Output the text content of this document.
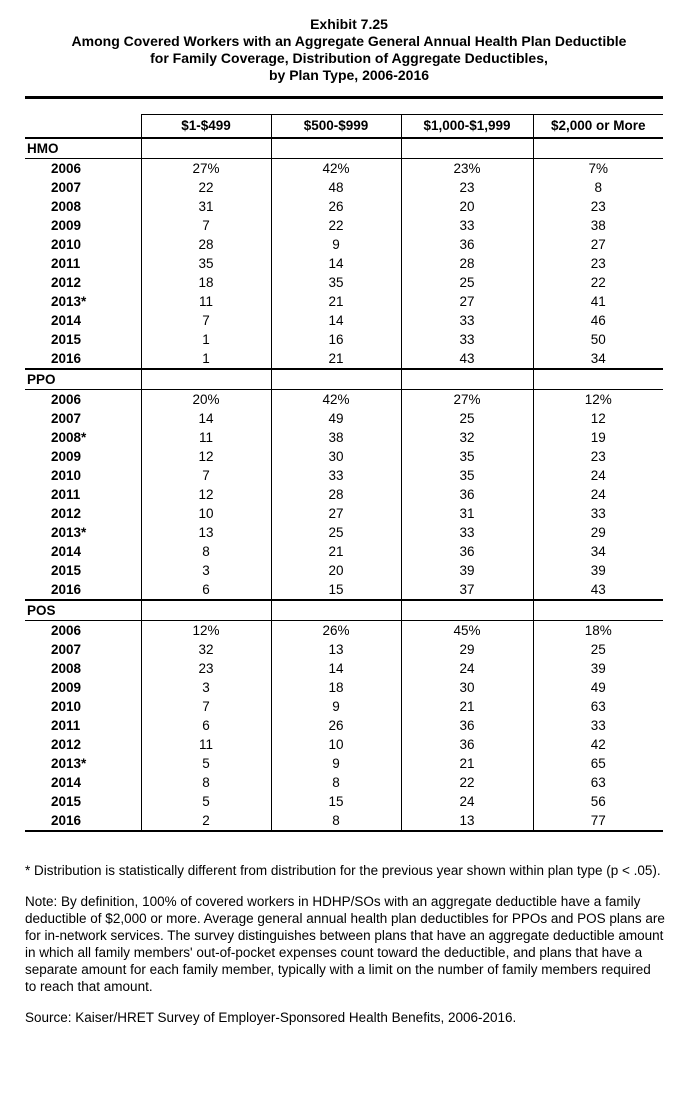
Exhibit 7.25
Among Covered Workers with an Aggregate General Annual Health Plan Deductible
for Family Coverage, Distribution of Aggregate Deductibles,
by Plan Type, 2006-2016
	$1-$499	$500-$999	$1,000-$1,999	$2,000 or More
HMO				
2006	27%	42%	23%	7%
2007	22	48	23	8
2008	31	26	20	23
2009	7	22	33	38
2010	28	9	36	27
2011	35	14	28	23
2012	18	35	25	22
2013*	11	21	27	41
2014	7	14	33	46
2015	1	16	33	50
2016	1	21	43	34
PPO				
2006	20%	42%	27%	12%
2007	14	49	25	12
2008*	11	38	32	19
2009	12	30	35	23
2010	7	33	35	24
2011	12	28	36	24
2012	10	27	31	33
2013*	13	25	33	29
2014	8	21	36	34
2015	3	20	39	39
2016	6	15	37	43
POS				
2006	12%	26%	45%	18%
2007	32	13	29	25
2008	23	14	24	39
2009	3	18	30	49
2010	7	9	21	63
2011	6	26	36	33
2012	11	10	36	42
2013*	5	9	21	65
2014	8	8	22	63
2015	5	15	24	56
2016	2	8	13	77

* Distribution is statistically different from distribution for the previous year shown within plan type (p < .05).

Note: By definition, 100% of covered workers in HDHP/SOs with an aggregate deductible have a family deductible of $2,000 or more. Average general annual health plan deductibles for PPOs and POS plans are for in-network services. The survey distinguishes between plans that have an aggregate deductible amount in which all family members' out-of-pocket expenses count toward the deductible, and plans that have a separate amount for each family member, typically with a limit on the number of family members required to reach that amount.

Source: Kaiser/HRET Survey of Employer-Sponsored Health Benefits, 2006-2016.
